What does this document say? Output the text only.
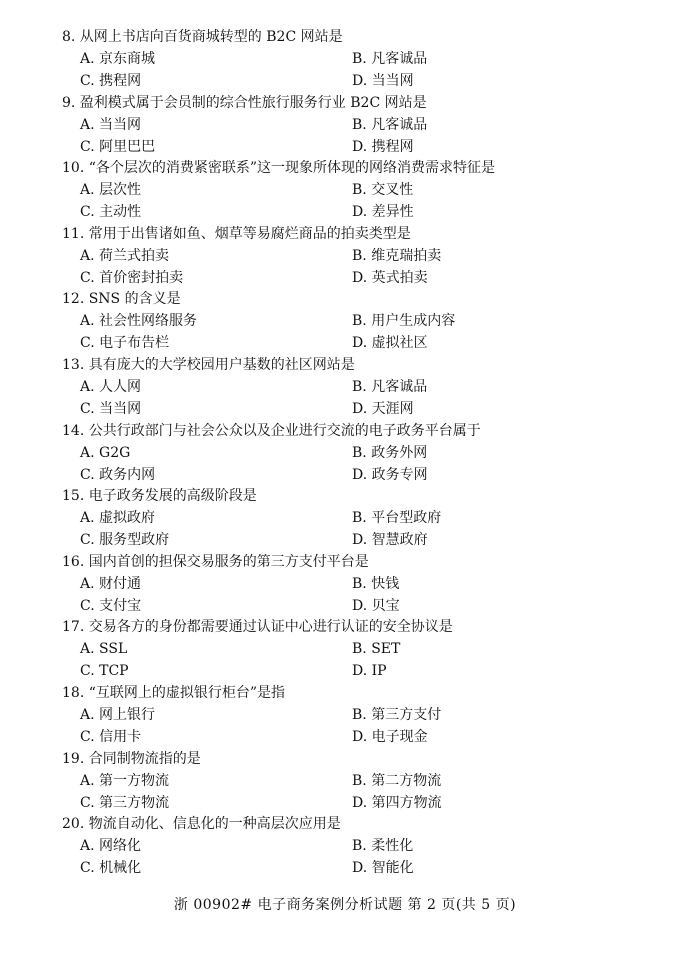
8. 从网上书店向百货商城转型的 B2C 网站是
A. 京东商城	B. 凡客诚品
C. 携程网	D. 当当网
9. 盈利模式属于会员制的综合性旅行服务行业 B2C 网站是
A. 当当网	B. 凡客诚品
C. 阿里巴巴	D. 携程网
10. “各个层次的消费紧密联系”这一现象所体现的网络消费需求特征是
A. 层次性	B. 交叉性
C. 主动性	D. 差异性
11. 常用于出售诸如鱼、烟草等易腐烂商品的拍卖类型是
A. 荷兰式拍卖	B. 维克瑞拍卖
C. 首价密封拍卖	D. 英式拍卖
12. SNS 的含义是
A. 社会性网络服务	B. 用户生成内容
C. 电子布告栏	D. 虚拟社区
13. 具有庞大的大学校园用户基数的社区网站是
A. 人人网	B. 凡客诚品
C. 当当网	D. 天涯网
14. 公共行政部门与社会公众以及企业进行交流的电子政务平台属于
A. G2G	B. 政务外网
C. 政务内网	D. 政务专网
15. 电子政务发展的高级阶段是
A. 虚拟政府	B. 平台型政府
C. 服务型政府	D. 智慧政府
16. 国内首创的担保交易服务的第三方支付平台是
A. 财付通	B. 快钱
C. 支付宝	D. 贝宝
17. 交易各方的身份都需要通过认证中心进行认证的安全协议是
A. SSL	B. SET
C. TCP	D. IP
18. “互联网上的虚拟银行柜台”是指
A. 网上银行	B. 第三方支付
C. 信用卡	D. 电子现金
19. 合同制物流指的是
A. 第一方物流	B. 第二方物流
C. 第三方物流	D. 第四方物流
20. 物流自动化、信息化的一种高层次应用是
A. 网络化	B. 柔性化
C. 机械化	D. 智能化
浙 00902# 电子商务案例分析试题 第 2 页(共 5 页)
